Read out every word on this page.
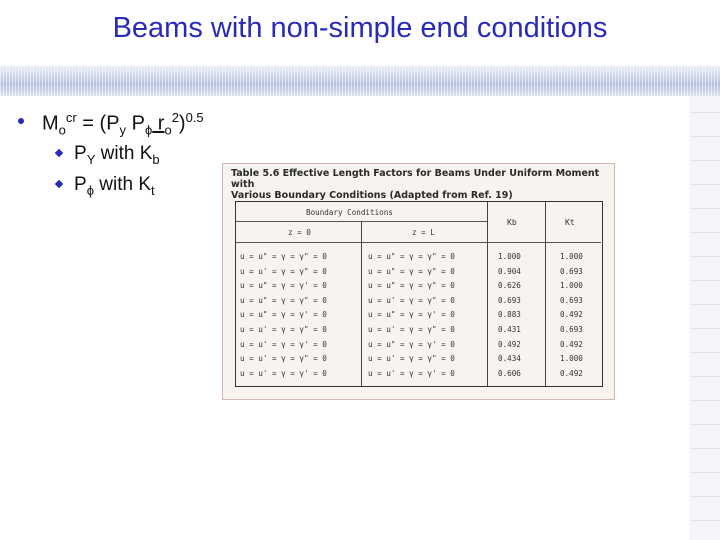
Beams with non-simple end conditions
$M_o^{cr} = (P_y$ $P_\phi$ $r_o^2)^{0.5}$
$P_Y$ with $K_b$
$P_\phi$ with $K_t$
Table 5.6 Effective Length Factors for Beams Under Uniform Moment with
Various Boundary Conditions (Adapted from Ref. 19)
Boundary Conditions
z = 0	z = L
Kb	Kt
u = u" = γ = γ" = 0	u = u" = γ = γ" = 0	1.000	1.000
u = u' = γ = γ" = 0	u = u" = γ = γ" = 0	0.904	0.693
u = u" = γ = γ' = 0	u = u" = γ = γ" = 0	0.626	1.000
u = u" = γ = γ" = 0	u = u' = γ = γ" = 0	0.693	0.693
u = u" = γ = γ' = 0	u = u" = γ = γ' = 0	0.883	0.492
u = u' = γ = γ" = 0	u = u' = γ = γ" = 0	0.431	0.693
u = u' = γ = γ' = 0	u = u" = γ = γ' = 0	0.492	0.492
u = u' = γ = γ" = 0	u = u' = γ = γ" = 0	0.434	1.000
u = u' = γ = γ' = 0	u = u' = γ = γ' = 0	0.606	0.492
